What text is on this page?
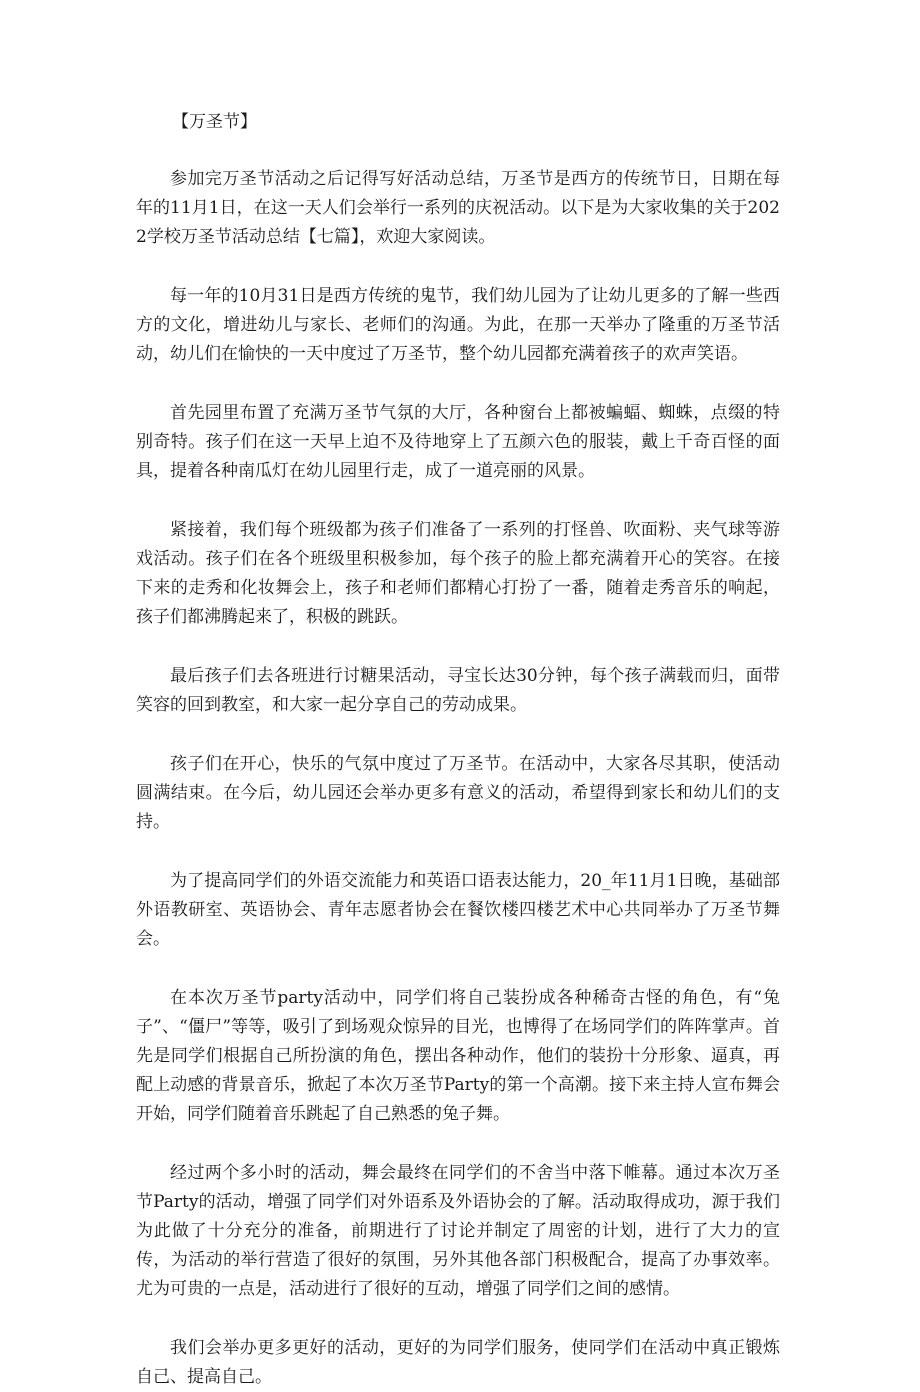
【万圣节】

参加完万圣节活动之后记得写好活动总结，万圣节是西方的传统节日，日期在每年的11月1日，在这一天人们会举行一系列的庆祝活动。以下是为大家收集的关于2022学校万圣节活动总结【七篇】，欢迎大家阅读。

每一年的10月31日是西方传统的鬼节，我们幼儿园为了让幼儿更多的了解一些西方的文化，增进幼儿与家长、老师们的沟通。为此，在那一天举办了隆重的万圣节活动，幼儿们在愉快的一天中度过了万圣节，整个幼儿园都充满着孩子的欢声笑语。

首先园里布置了充满万圣节气氛的大厅，各种窗台上都被蝙蝠、蜘蛛，点缀的特别奇特。孩子们在这一天早上迫不及待地穿上了五颜六色的服装，戴上千奇百怪的面具，提着各种南瓜灯在幼儿园里行走，成了一道亮丽的风景。

紧接着，我们每个班级都为孩子们准备了一系列的打怪兽、吹面粉、夹气球等游戏活动。孩子们在各个班级里积极参加，每个孩子的脸上都充满着开心的笑容。在接下来的走秀和化妆舞会上，孩子和老师们都精心打扮了一番，随着走秀音乐的响起，孩子们都沸腾起来了，积极的跳跃。

最后孩子们去各班进行讨糖果活动，寻宝长达30分钟，每个孩子满载而归，面带笑容的回到教室，和大家一起分享自己的劳动成果。

孩子们在开心，快乐的气氛中度过了万圣节。在活动中，大家各尽其职，使活动圆满结束。在今后，幼儿园还会举办更多有意义的活动，希望得到家长和幼儿们的支持。

为了提高同学们的外语交流能力和英语口语表达能力，20_年11月1日晚，基础部外语教研室、英语协会、青年志愿者协会在餐饮楼四楼艺术中心共同举办了万圣节舞会。

在本次万圣节party活动中，同学们将自己装扮成各种稀奇古怪的角色，有“兔子”、“僵尸”等等，吸引了到场观众惊异的目光，也博得了在场同学们的阵阵掌声。首先是同学们根据自己所扮演的角色，摆出各种动作，他们的装扮十分形象、逼真，再配上动感的背景音乐，掀起了本次万圣节Party的第一个高潮。接下来主持人宣布舞会开始，同学们随着音乐跳起了自己熟悉的兔子舞。

经过两个多小时的活动，舞会最终在同学们的不舍当中落下帷幕。通过本次万圣节Party的活动，增强了同学们对外语系及外语协会的了解。活动取得成功，源于我们为此做了十分充分的准备，前期进行了讨论并制定了周密的计划，进行了大力的宣传，为活动的举行营造了很好的氛围，另外其他各部门积极配合，提高了办事效率。尤为可贵的一点是，活动进行了很好的互动，增强了同学们之间的感情。

我们会举办更多更好的活动，更好的为同学们服务，使同学们在活动中真正锻炼自己、提高自己。
